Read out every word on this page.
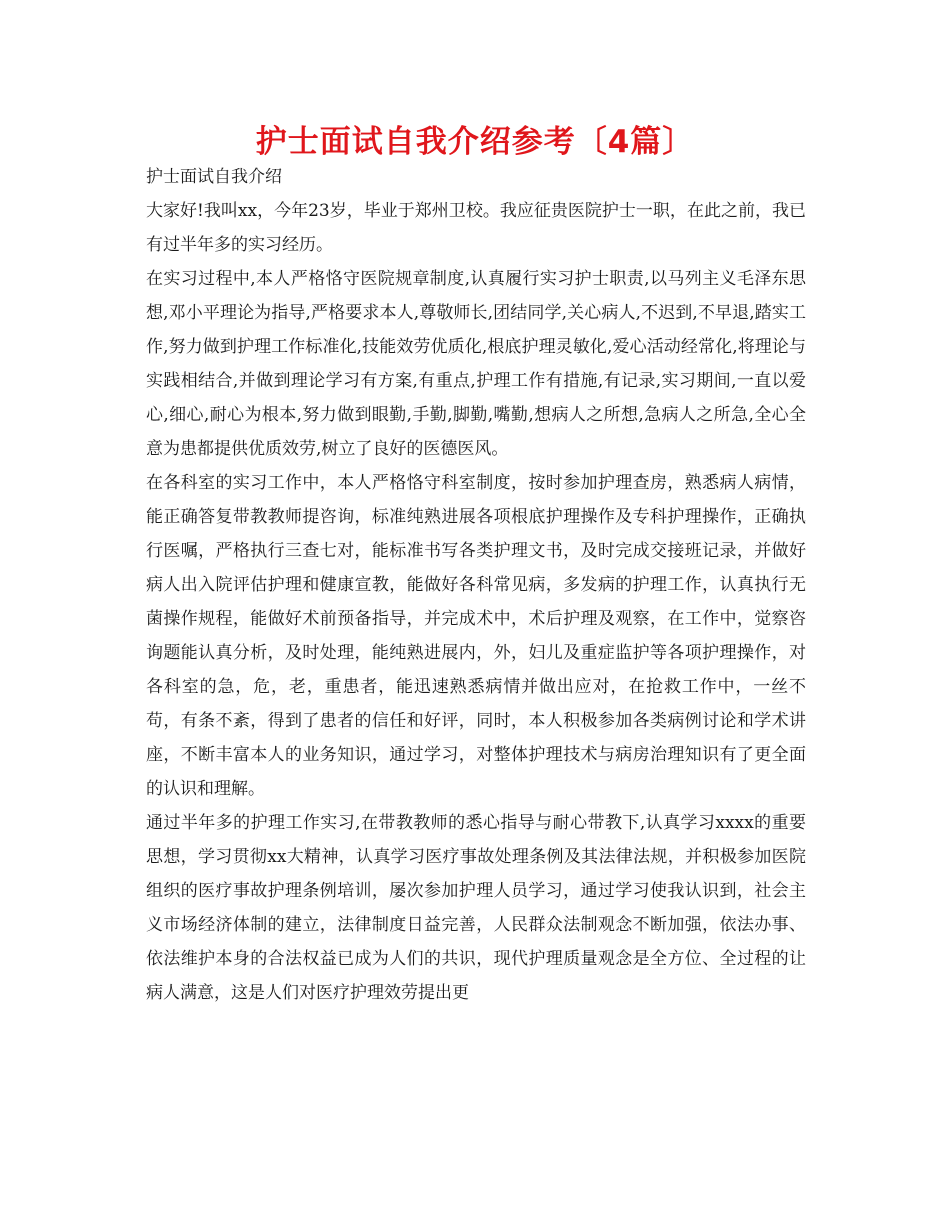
护士面试自我介绍参考〔4篇〕

护士面试自我介绍

大家好!我叫xx，今年23岁，毕业于郑州卫校。我应征贵医院护士一职，在此之前，我已有过半年多的实习经历。

在实习过程中,本人严格恪守医院规章制度,认真履行实习护士职责,以马列主义毛泽东思想,邓小平理论为指导,严格要求本人,尊敬师长,团结同学,关心病人,不迟到,不早退,踏实工作,努力做到护理工作标准化,技能效劳优质化,根底护理灵敏化,爱心活动经常化,将理论与实践相结合,并做到理论学习有方案,有重点,护理工作有措施,有记录,实习期间,一直以爱心,细心,耐心为根本,努力做到眼勤,手勤,脚勤,嘴勤,想病人之所想,急病人之所急,全心全意为患都提供优质效劳,树立了良好的医德医风。

在各科室的实习工作中，本人严格恪守科室制度，按时参加护理查房，熟悉病人病情，能正确答复带教教师提咨询，标准纯熟进展各项根底护理操作及专科护理操作，正确执行医嘱，严格执行三查七对，能标准书写各类护理文书，及时完成交接班记录，并做好病人出入院评估护理和健康宣教，能做好各科常见病，多发病的护理工作，认真执行无菌操作规程，能做好术前预备指导，并完成术中，术后护理及观察，在工作中，觉察咨询题能认真分析，及时处理，能纯熟进展内，外，妇儿及重症监护等各项护理操作，对各科室的急，危，老，重患者，能迅速熟悉病情并做出应对，在抢救工作中，一丝不苟，有条不紊，得到了患者的信任和好评，同时，本人积极参加各类病例讨论和学术讲座，不断丰富本人的业务知识，通过学习，对整体护理技术与病房治理知识有了更全面的认识和理解。

通过半年多的护理工作实习,在带教教师的悉心指导与耐心带教下,认真学习xxxx的重要思想，学习贯彻xx大精神，认真学习医疗事故处理条例及其法律法规，并积极参加医院组织的医疗事故护理条例培训，屡次参加护理人员学习，通过学习使我认识到，社会主义市场经济体制的建立，法律制度日益完善，人民群众法制观念不断加强，依法办事、依法维护本身的合法权益已成为人们的共识，现代护理质量观念是全方位、全过程的让病人满意，这是人们对医疗护理效劳提出更
